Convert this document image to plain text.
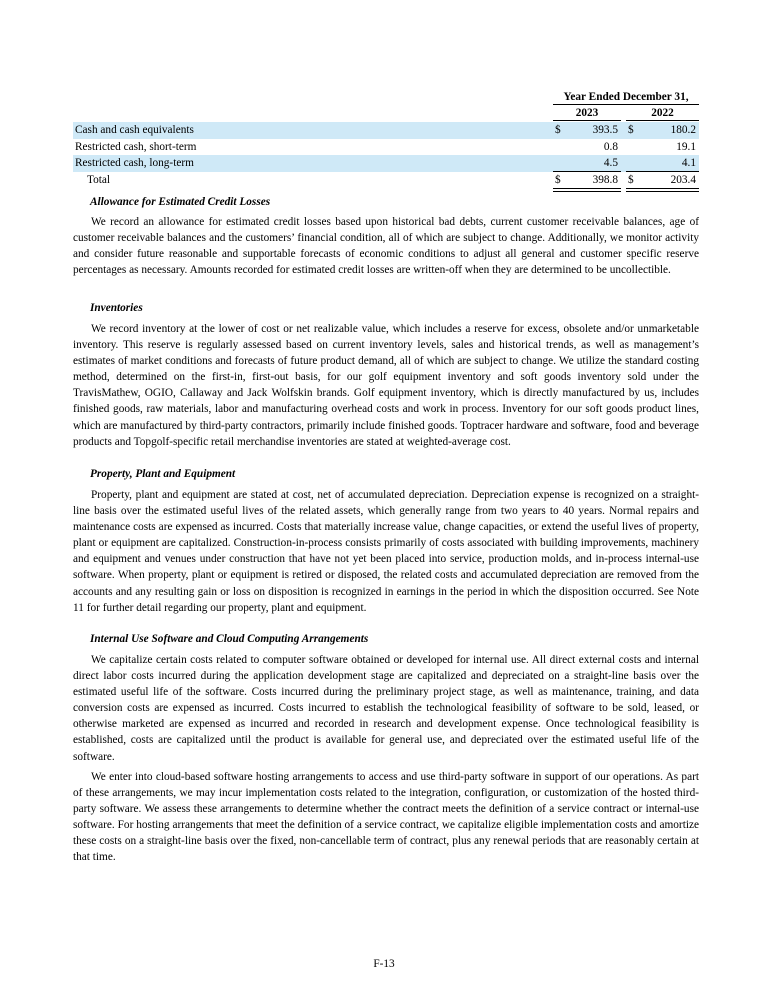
Year Ended December 31,
2023	2022
Cash and cash equivalents	$	393.5 $	180.2
Restricted cash, short-term	0.8	19.1
Restricted cash, long-term	4.5	4.1
Total	$	398.8 $	203.4
Allowance for Estimated Credit Losses

We record an allowance for estimated credit losses based upon historical bad debts, current customer receivable balances, age of customer receivable balances and the customers’ financial condition, all of which are subject to change. Additionally, we monitor activity and consider future reasonable and supportable forecasts of economic conditions to adjust all general and customer specific reserve percentages as necessary. Amounts recorded for estimated credit losses are written-off when they are determined to be uncollectible.

Inventories

We record inventory at the lower of cost or net realizable value, which includes a reserve for excess, obsolete and/or unmarketable inventory. This reserve is regularly assessed based on current inventory levels, sales and historical trends, as well as management’s estimates of market conditions and forecasts of future product demand, all of which are subject to change. We utilize the standard costing method, determined on the first-in, first-out basis, for our golf equipment inventory and soft goods inventory sold under the TravisMathew, OGIO, Callaway and Jack Wolfskin brands. Golf equipment inventory, which is directly manufactured by us, includes finished goods, raw materials, labor and manufacturing overhead costs and work in process. Inventory for our soft goods product lines, which are manufactured by third-party contractors, primarily include finished goods. Toptracer hardware and software, food and beverage products and Topgolf-specific retail merchandise inventories are stated at weighted-average cost.

Property, Plant and Equipment

Property, plant and equipment are stated at cost, net of accumulated depreciation. Depreciation expense is recognized on a straight-line basis over the estimated useful lives of the related assets, which generally range from two years to 40 years. Normal repairs and maintenance costs are expensed as incurred. Costs that materially increase value, change capacities, or extend the useful lives of property, plant or equipment are capitalized. Construction-in-process consists primarily of costs associated with building improvements, machinery and equipment and venues under construction that have not yet been placed into service, production molds, and in-process internal-use software. When property, plant or equipment is retired or disposed, the related costs and accumulated depreciation are removed from the accounts and any resulting gain or loss on disposition is recognized in earnings in the period in which the disposition occurred. See Note 11 for further detail regarding our property, plant and equipment.

Internal Use Software and Cloud Computing Arrangements

We capitalize certain costs related to computer software obtained or developed for internal use. All direct external costs and internal direct labor costs incurred during the application development stage are capitalized and depreciated on a straight-line basis over the estimated useful life of the software. Costs incurred during the preliminary project stage, as well as maintenance, training, and data conversion costs are expensed as incurred. Costs incurred to establish the technological feasibility of software to be sold, leased, or otherwise marketed are expensed as incurred and recorded in research and development expense. Once technological feasibility is established, costs are capitalized until the product is available for general use, and depreciated over the estimated useful life of the software.

We enter into cloud-based software hosting arrangements to access and use third-party software in support of our operations. As part of these arrangements, we may incur implementation costs related to the integration, configuration, or customization of the hosted third-party software. We assess these arrangements to determine whether the contract meets the definition of a service contract or internal-use software. For hosting arrangements that meet the definition of a service contract, we capitalize eligible implementation costs and amortize these costs on a straight-line basis over the fixed, non-cancellable term of contract, plus any renewal periods that are reasonably certain at that time.

F-13
